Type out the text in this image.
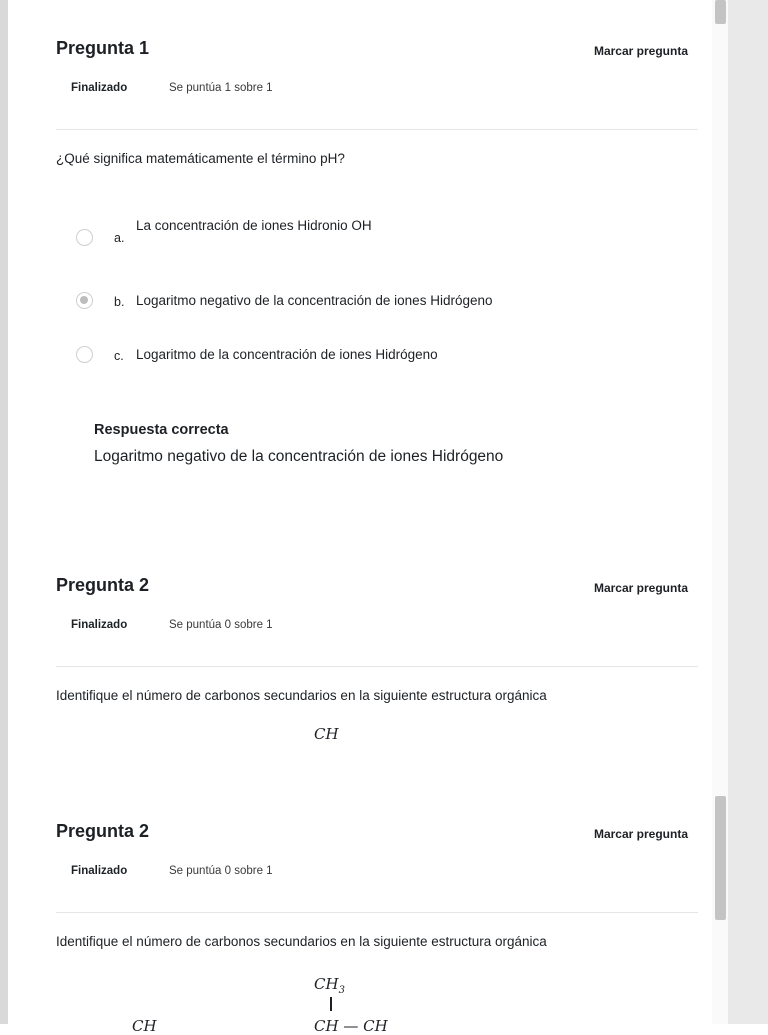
Pregunta 1	Marcar pregunta
Finalizado	Se puntúa 1 sobre 1
¿Qué significa matemáticamente el término pH?
a.
La concentración de iones Hidronio OH
b. Logaritmo negativo de la concentración de iones Hidrógeno
c. Logaritmo de la concentración de iones Hidrógeno
Respuesta correcta
Logaritmo negativo de la concentración de iones Hidrógeno
Pregunta 2	Marcar pregunta
Finalizado	Se puntúa 0 sobre 1
Identifique el número de carbonos secundarios en la siguiente estructura orgánica
CH
Pregunta 2	Marcar pregunta
Finalizado	Se puntúa 0 sobre 1
Identifique el número de carbonos secundarios en la siguiente estructura orgánica
$CH_3$
CH	CH — CH
